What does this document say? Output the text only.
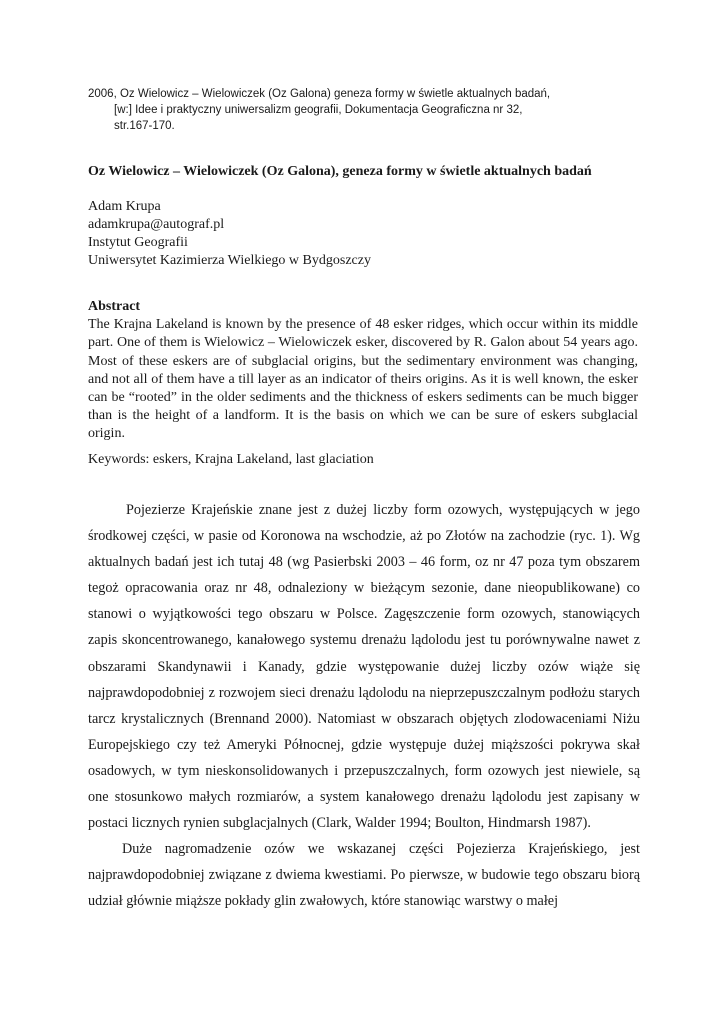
2006, Oz Wielowicz – Wielowiczek (Oz Galona) geneza formy w świetle aktualnych badań,
[w:] Idee i praktyczny uniwersalizm geografii, Dokumentacja Geograficzna nr 32,
str.167-170.
Oz Wielowicz – Wielowiczek (Oz Galona), geneza formy w świetle aktualnych badań
Adam Krupa
adamkrupa@autograf.pl
Instytut Geografii
Uniwersytet Kazimierza Wielkiego w Bydgoszczy
Abstract
The Krajna Lakeland is known by the presence of 48 esker ridges, which occur within its middle part. One of them is Wielowicz – Wielowiczek esker, discovered by R. Galon about 54 years ago. Most of these eskers are of subglacial origins, but the sedimentary environment was changing, and not all of them have a till layer as an indicator of theirs origins. As it is well known, the esker can be “rooted” in the older sediments and the thickness of eskers sediments can be much bigger than is the height of a landform. It is the basis on which we can be sure of eskers subglacial origin.
Keywords: eskers, Krajna Lakeland, last glaciation

Pojezierze Krajeńskie znane jest z dużej liczby form ozowych, występujących w jego środkowej części, w pasie od Koronowa na wschodzie, aż po Złotów na zachodzie (ryc. 1). Wg aktualnych badań jest ich tutaj 48 (wg Pasierbski 2003 – 46 form, oz nr 47 poza tym obszarem tegoż opracowania oraz nr 48, odnaleziony w bieżącym sezonie, dane nieopublikowane) co stanowi o wyjątkowości tego obszaru w Polsce. Zagęszczenie form ozowych, stanowiących zapis skoncentrowanego, kanałowego systemu drenażu lądolodu jest tu porównywalne nawet z obszarami Skandynawii i Kanady, gdzie występowanie dużej liczby ozów wiąże się najprawdopodobniej z rozwojem sieci drenażu lądolodu na nieprzepuszczalnym podłożu starych tarcz krystalicznych (Brennand 2000). Natomiast w obszarach objętych zlodowaceniami Niżu Europejskiego czy też Ameryki Północnej, gdzie występuje dużej miąższości pokrywa skał osadowych, w tym nieskonsolidowanych i przepuszczalnych, form ozowych jest niewiele, są one stosunkowo małych rozmiarów, a system kanałowego drenażu lądolodu jest zapisany w postaci licznych rynien subglacjalnych (Clark, Walder 1994; Boulton, Hindmarsh 1987).

Duże nagromadzenie ozów we wskazanej części Pojezierza Krajeńskiego, jest najprawdopodobniej związane z dwiema kwestiami. Po pierwsze, w budowie tego obszaru biorą udział głównie miąższe pokłady glin zwałowych, które stanowiąc warstwy o małej
